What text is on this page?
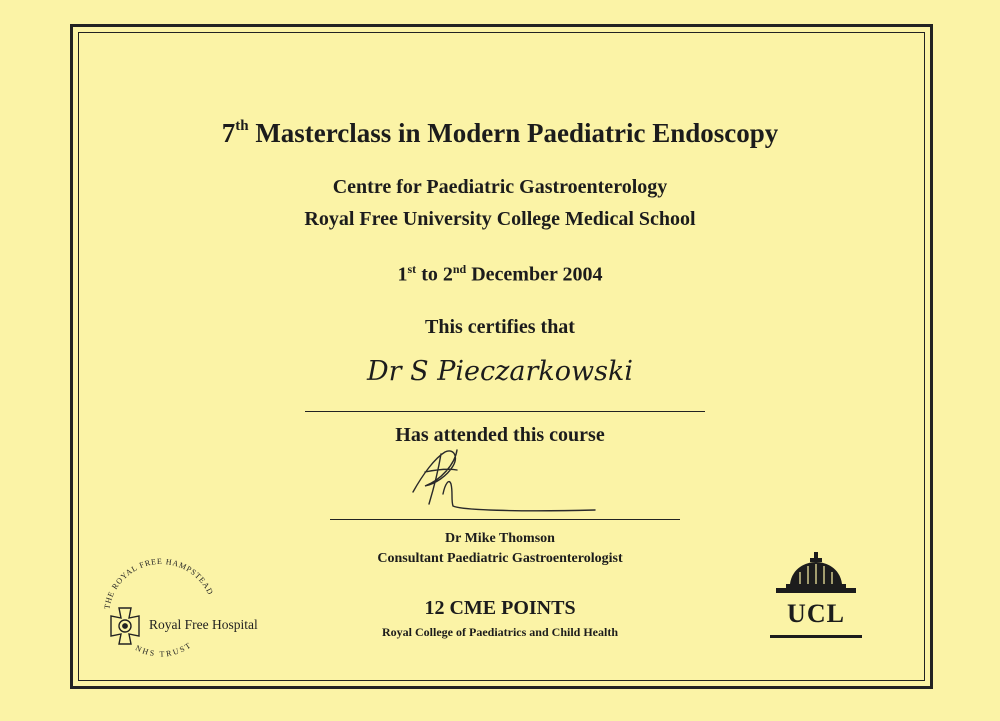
7th Masterclass in Modern Paediatric Endoscopy
Centre for Paediatric Gastroenterology
Royal Free University College Medical School
1st to 2nd December 2004
This certifies that
Dr S Pieczarkowski
Has attended this course
Dr Mike Thomson
Consultant Paediatric Gastroenterologist
12 CME POINTS
Royal College of Paediatrics and Child Health
THE ROYAL FREE HAMPSTEAD
NHS TRUST
Royal Free Hospital	UCL
